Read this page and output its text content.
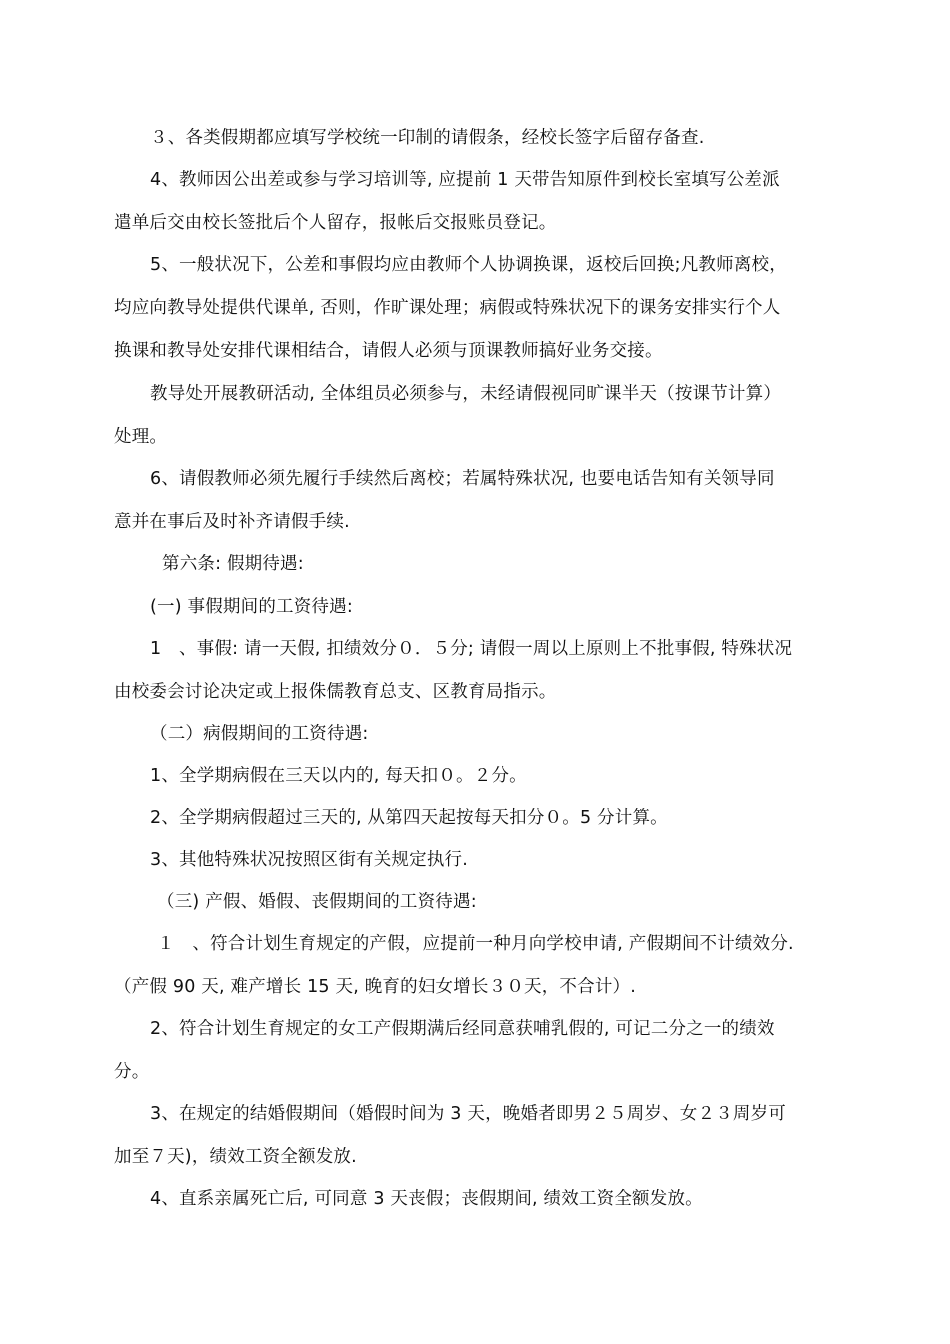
３、各类假期都应填写学校统一印制的请假条，经校长签字后留存备查.
4、教师因公出差或参与学习培训等, 应提前 1 天带告知原件到校长室填写公差派
遣单后交由校长签批后个人留存，报帐后交报账员登记。
5、一般状况下，公差和事假均应由教师个人协调换课，返校后回换;凡教师离校，
均应向教导处提供代课单, 否则，作旷课处理；病假或特殊状况下的课务安排实行个人
换课和教导处安排代课相结合，请假人必须与顶课教师搞好业务交接。
教导处开展教研活动, 全体组员必须参与，未经请假视同旷课半天（按课节计算）
处理。
6、请假教师必须先履行手续然后离校；若属特殊状况, 也要电话告知有关领导同
意并在事后及时补齐请假手续.
第六条: 假期待遇:
(一) 事假期间的工资待遇:
1　、事假: 请一天假, 扣绩效分０．５分; 请假一周以上原则上不批事假, 特殊状况
由校委会讨论决定或上报侏儒教育总支、区教育局指示。
（二）病假期间的工资待遇:
1、全学期病假在三天以内的, 每天扣０。２分。
2、全学期病假超过三天的, 从第四天起按每天扣分０。5 分计算。
3、其他特殊状况按照区街有关规定执行.
（三) 产假、婚假、丧假期间的工资待遇:
１　、符合计划生育规定的产假，应提前一种月向学校申请, 产假期间不计绩效分.
（产假 90 天, 难产增长 15 天, 晚育的妇女增长３０天，不合计）.
2、符合计划生育规定的女工产假期满后经同意获哺乳假的, 可记二分之一的绩效
分。
3、在规定的结婚假期间（婚假时间为 3 天，晚婚者即男２５周岁、女２３周岁可
加至７天)，绩效工资全额发放.
4、直系亲属死亡后, 可同意 3 天丧假；丧假期间, 绩效工资全额发放。
